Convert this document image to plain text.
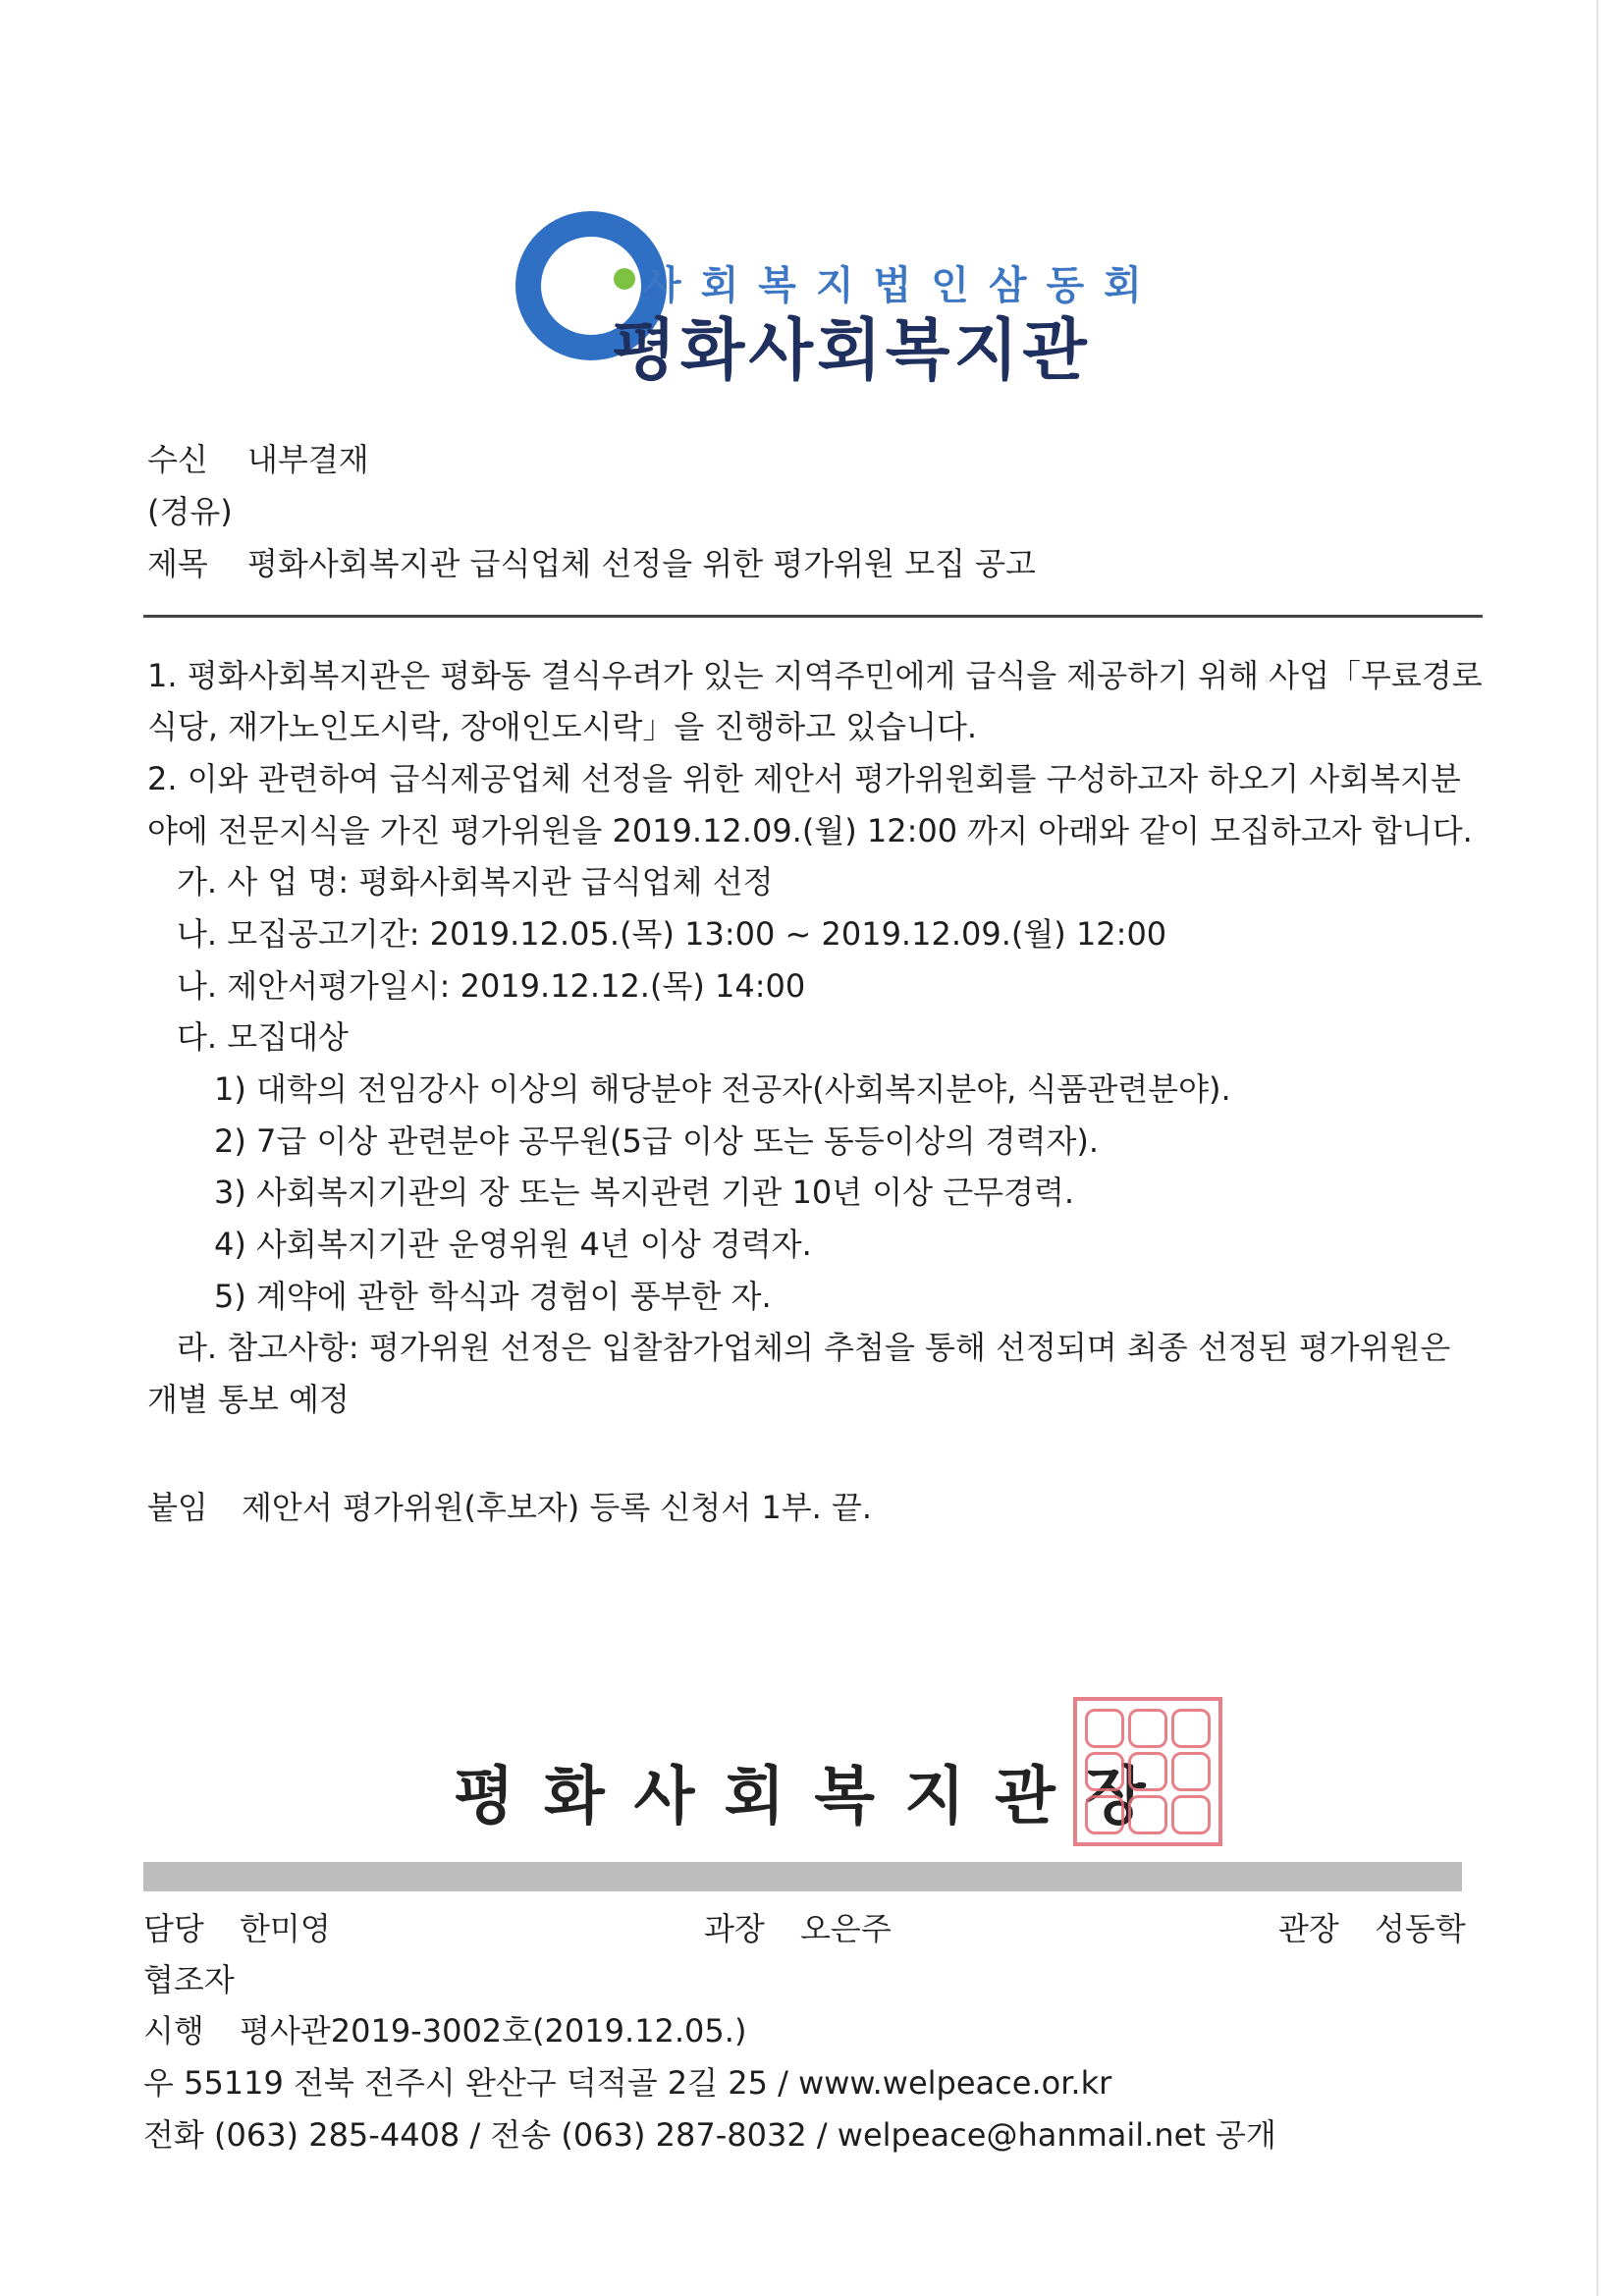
사회복지법인삼동회
평화사회복지관
수신 내부결재
(경유)
제목 평화사회복지관 급식업체 선정을 위한 평가위원 모집 공고
1. 평화사회복지관은 평화동 결식우려가 있는 지역주민에게 급식을 제공하기 위해 사업「무료경로
식당, 재가노인도시락, 장애인도시락」을 진행하고 있습니다.
2. 이와 관련하여 급식제공업체 선정을 위한 제안서 평가위원회를 구성하고자 하오기 사회복지분
야에 전문지식을 가진 평가위원을 2019.12.09.(월) 12:00 까지 아래와 같이 모집하고자 합니다.
가. 사 업 명: 평화사회복지관 급식업체 선정
나. 모집공고기간: 2019.12.05.(목) 13:00 ~ 2019.12.09.(월) 12:00
나. 제안서평가일시: 2019.12.12.(목) 14:00
다. 모집대상
1) 대학의 전임강사 이상의 해당분야 전공자(사회복지분야, 식품관련분야).
2) 7급 이상 관련분야 공무원(5급 이상 또는 동등이상의 경력자).
3) 사회복지기관의 장 또는 복지관련 기관 10년 이상 근무경력.
4) 사회복지기관 운영위원 4년 이상 경력자.
5) 계약에 관한 학식과 경험이 풍부한 자.
라. 참고사항: 평가위원 선정은 입찰참가업체의 추첨을 통해 선정되며 최종 선정된 평가위원은
개별 통보 예정
붙임 제안서 평가위원(후보자) 등록 신청서 1부. 끝.
평화사회복지관장
담당 한미영	과장 오은주	관장 성동학
협조자
시행 평사관2019-3002호(2019.12.05.)
우 55119 전북 전주시 완산구 덕적골 2길 25 / www.welpeace.or.kr
전화 (063) 285-4408 / 전송 (063) 287-8032 / welpeace@hanmail.net 공개
